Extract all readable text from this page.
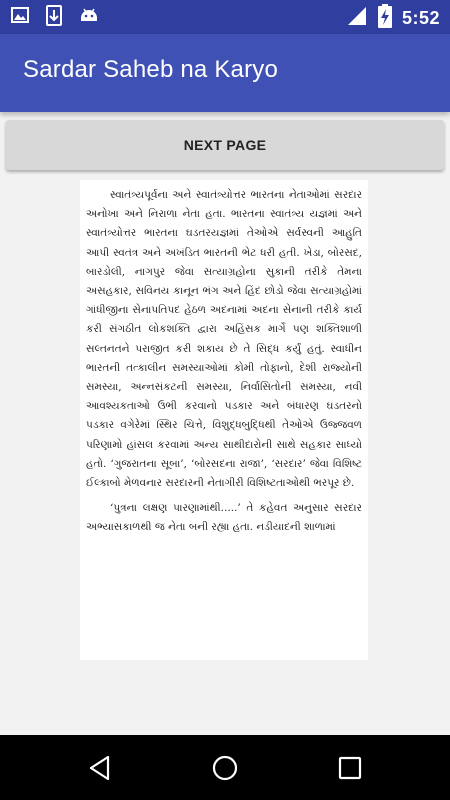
5:52
Sardar Saheb na Karyo
NEXT PAGE

સ્વાતંત્ર્યપૂર્વના અને સ્વાતંત્ર્યોત્તર ભારતના નેતાઓમાં સરદાર અનોખા અને નિરાળા નેતા હતા. ભારતના સ્વાતંત્ર્ય યજ્ઞમાં અને સ્વાતંત્ર્યોત્તર ભારતના ઘડતરયજ્ઞમાં તેઓએ સર્વસ્વની આહુતિ આપી સ્વતંત્ર અને અખંડિત ભારતની ભેટ ધરી હતી. ખેડા, બોરસદ, બારડોલી, નાગપુર જેવા સત્યાગ્રહોના સુકાની તરીકે તેમના અસહકાર, સવિનય કાનૂન ભંગ અને હિંદ છોડો જેવા સત્યાગ્રહોમાં ગાંધીજીના સેનાપતિપદ હેઠળ અદનામાં અદના સેનાની તરીકે કાર્ય કરી સંગઠીત લોકશક્તિ દ્વારા અહિંસક માર્ગે પણ શક્તિશાળી સલ્તનતને પરાજીત કરી શકાય છે તે સિદ્ધ કર્યું હતું. સ્વાધીન ભારતની તત્કાલીન સમસ્યાઓમાં કોમી તોફાનો, દેશી રાજ્યોની સમસ્યા, અન્નસંકટની સમસ્યા, નિર્વાસિતોની સમસ્યા, નવી આવશ્યકતાઓ ઉભી કરવાનો પડકાર અને બંધારણ ઘડતરનો પડકાર વગેરેમાં સ્થિર ચિત્તે, વિશુદ્ધબુદ્ધિથી તેઓએ ઉજ્જવળ પરિણામો હાંસલ કરવામાં અન્ય સાથીદારોની સાથે સહકાર સાધ્યો હતો. ‘ગુજરાતના સૂબા’, ‘બોરસદના રાજા’, ‘સરદાર’ જેવા વિશિષ્ટ ઈલ્કાબો મેળવનાર સરદારની નેતાગીરી વિશિષ્ટતાઓથી ભરપૂર છે.

‘પુત્રના લક્ષણ પારણામાંથી.....’ તે કહેવત અનુસાર સરદાર અભ્યાસકાળથી જ નેતા બની રહ્યા હતા. નડીયાદની શાળામાં
